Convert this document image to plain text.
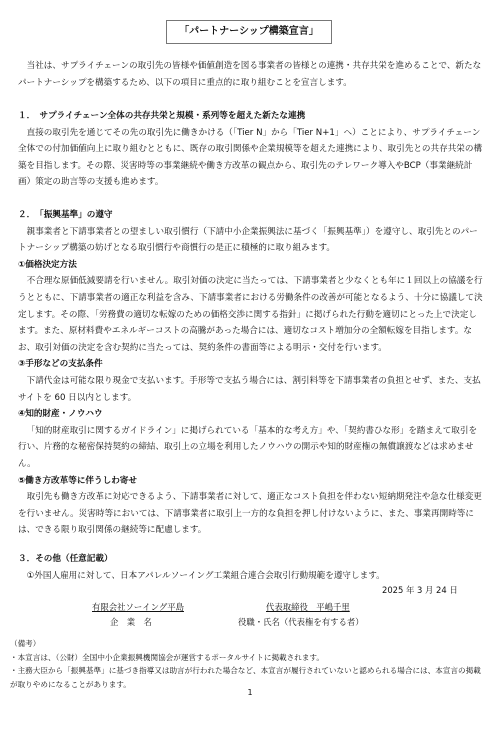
「パートナーシップ構築宣言」

当社は、サプライチェーンの取引先の皆様や価値創造を図る事業者の皆様との連携・共存共栄を進めることで、新たなパートナーシップを構築するため、以下の項目に重点的に取り組むことを宣言します。

１．　サプライチェーン全体の共存共栄と規模・系列等を超えた新たな連携

直接の取引先を通じてその先の取引先に働きかける（「Tier N」から「Tier N+1」へ）ことにより、サプライチェーン全体での付加価値向上に取り組むとともに、既存の取引関係や企業規模等を超えた連携により、取引先との共存共栄の構築を目指します。その際、災害時等の事業継続や働き方改革の観点から、取引先のテレワーク導入やBCP（事業継続計画）策定の助言等の支援も進めます。

２．　「振興基準」の遵守

親事業者と下請事業者との望ましい取引慣行（下請中小企業振興法に基づく「振興基準」）を遵守し、取引先とのパートナーシップ構築の妨げとなる取引慣行や商慣行の是正に積極的に取り組みます。

①価格決定方法

不合理な原価低減要請を行いません。取引対価の決定に当たっては、下請事業者と少なくとも年に１回以上の協議を行うとともに、下請事業者の適正な利益を含み、下請事業者における労働条件の改善が可能となるよう、十分に協議して決定します。その際、「労務費の適切な転嫁のための価格交渉に関する指針」に掲げられた行動を適切にとった上で決定します。また、原材料費やエネルギーコストの高騰があった場合には、適切なコスト増加分の全額転嫁を目指します。なお、取引対価の決定を含む契約に当たっては、契約条件の書面等による明示・交付を行います。

③手形などの支払条件

下請代金は可能な限り現金で支払います。手形等で支払う場合には、割引料等を下請事業者の負担とせず、また、支払サイトを 60 日以内とします。

④知的財産・ノウハウ

「知的財産取引に関するガイドライン」に掲げられている「基本的な考え方」や、「契約書ひな形」を踏まえて取引を行い、片務的な秘密保持契約の締結、取引上の立場を利用したノウハウの開示や知的財産権の無償譲渡などは求めません。

⑤働き方改革等に伴うしわ寄せ

取引先も働き方改革に対応できるよう、下請事業者に対して、適正なコスト負担を伴わない短納期発注や急な仕様変更を行いません。災害時等においては、下請事業者に取引上一方的な負担を押し付けないように、また、事業再開時等には、できる限り取引関係の継続等に配慮します。

３．その他（任意記載）

①外国人雇用に対して、日本アパレルソーイング工業組合連合会取引行動規範を遵守します。

2025 年 3 月 24 日
有限会社ソーイング平島
企　業　名
代表取締役　平嶋千里
役職・氏名（代表権を有する者）

（備考）

・本宣言は、（公財）全国中小企業振興機関協会が運営するポータルサイトに掲載されます。

・主務大臣から「振興基準」に基づき指導又は助言が行われた場合など、本宣言が履行されていないと認められる場合には、本宣言の掲載が取りやめになることがあります。

1
